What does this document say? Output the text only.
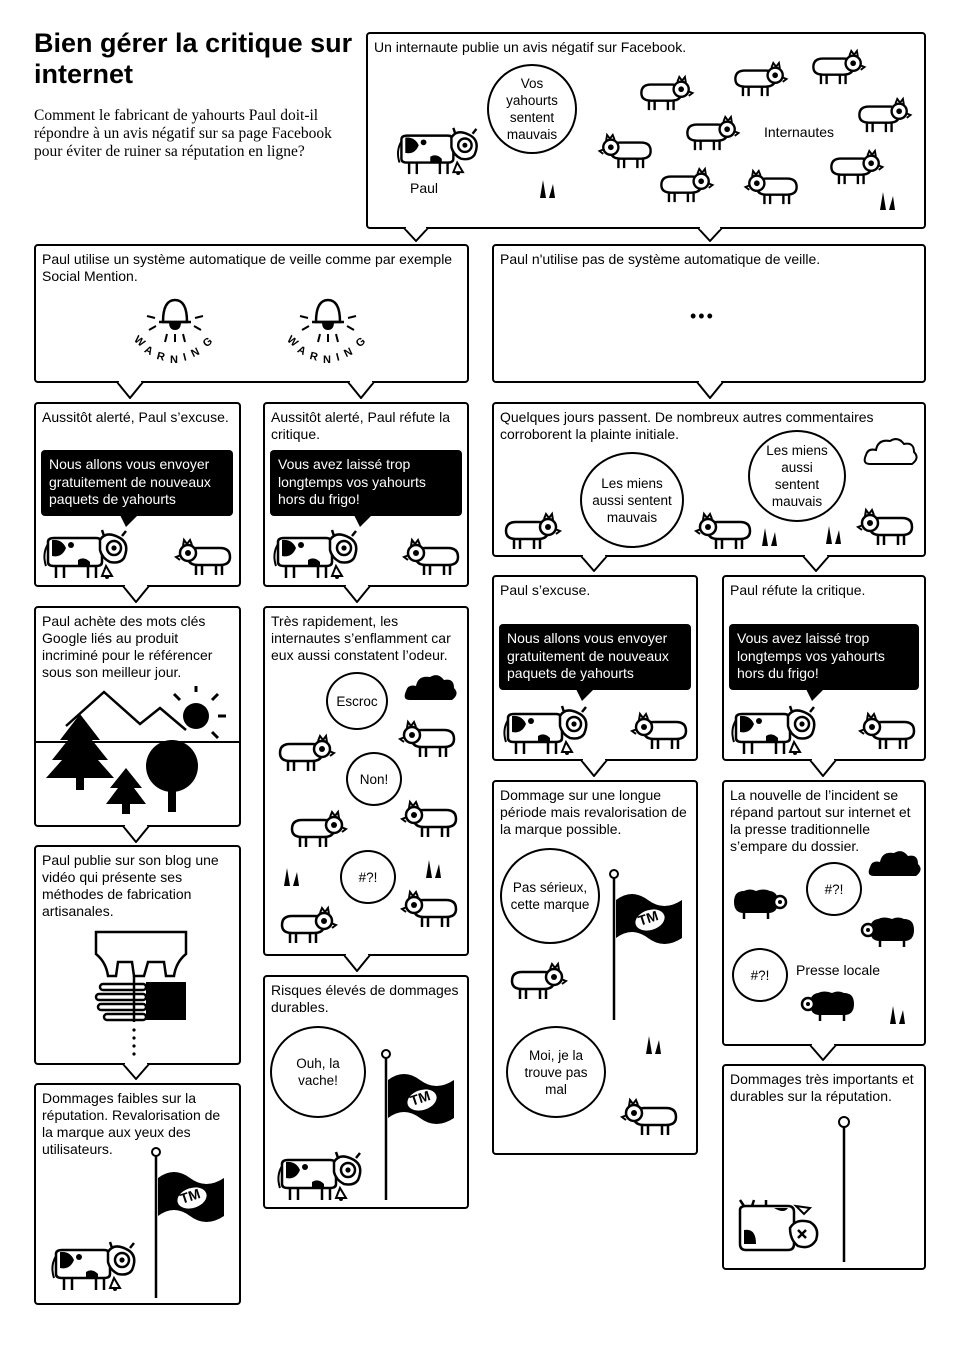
Bien gérer la critique sur internet
Comment le fabricant de yahourts Paul doit-il répondre à un avis négatif sur sa page Facebook pour éviter de ruiner sa réputation en ligne?
Un internaute publie un avis négatif sur Facebook.
Paul utilise un système automatique de veille comme par exemple Social Mention.
Paul n'utilise pas de système automatique de veille.
•••
Aussitôt alerté, Paul s’excuse.	Aussitôt alerté, Paul réfute la critique.
Quelques jours passent. De nombreux autres commentaires corroborent la plainte initiale.
Paul achète des mots clés Google liés au produit incriminé pour le référencer sous son meilleur jour.
Très rapidement, les internautes s’enflamment car eux aussi constatent l’odeur.
Paul s’excuse.	Paul réfute la critique.
Paul publie sur son blog une vidéo qui présente ses méthodes de fabrication artisanales.
Dommage sur une longue période mais revalorisation de la marque possible.
La nouvelle de l’incident se répand partout sur internet et la presse traditionnelle s’empare du dossier.
Risques élevés de dommages durables.
Dommages faibles sur la réputation. Revalorisation de la marque aux yeux des utilisateurs.
Dommages très importants et durables sur la réputation.
Vos yahourts sentent mauvais
Paul
Internautes
W
A R N I N
G	W
A R N I N
G
Nous allons vous envoyer gratuitement de nouveaux paquets de yahourts
Vous avez laissé trop longtemps vos yahourts hors du frigo!
Les miens aussi sentent mauvais
Les miens aussi sentent mauvais
Nous allons vous envoyer gratuitement de nouveaux paquets de yahourts
Vous avez laissé trop longtemps vos yahourts hors du frigo!
TM
Escroc
Non!
#?!
Ouh, la vache!
TM
Pas sérieux, cette marque
TM
Moi, je la trouve pas mal
#?!
#?!	Presse locale
